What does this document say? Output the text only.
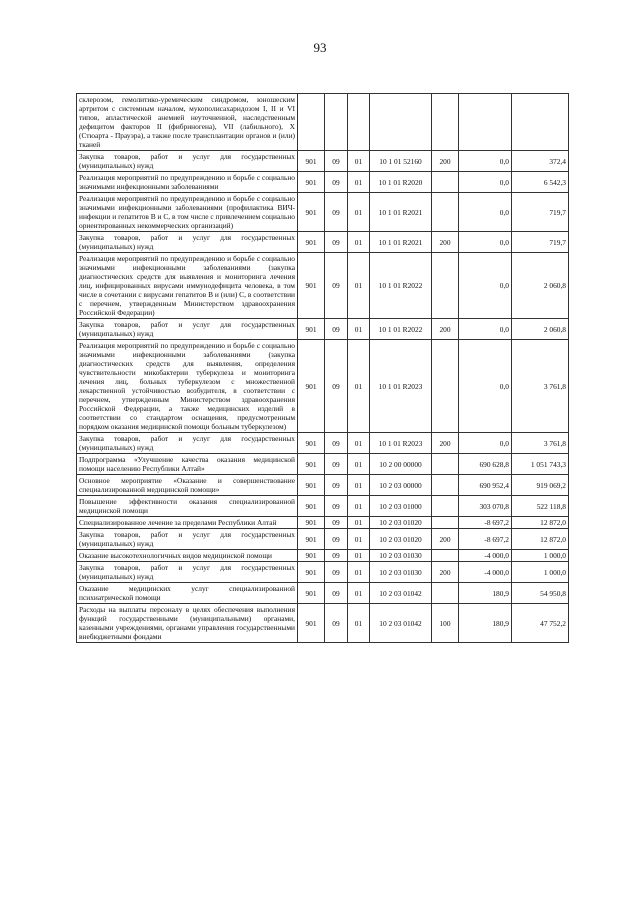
93
склерозом, гемолитико-уремическим синдромом, юношеским артритом с системным началом, мукополисахаридозом I, II и VI типов, апластической анемией неуточненной, наследственным дефицитом факторов II (фибриногена), VII (лабильного), X (Стюарта - Прауэра), а также после трансплантации органов и (или) тканей							
Закупка товаров, работ и услуг для государственных (муниципальных) нужд	901	09	01	10 1 01 52160	200	0,0	372,4
Реализация мероприятий по предупреждению и борьбе с социально значимыми инфекционными заболеваниями	901	09	01	10 1 01 R2020		0,0	6 542,3
Реализация мероприятий по предупреждению и борьбе с социально значимыми инфекционными заболеваниями (профилактика ВИЧ-инфекции и гепатитов В и С, в том числе с привлечением социально ориентированных некоммерческих организаций)	901	09	01	10 1 01 R2021		0,0	719,7
Закупка товаров, работ и услуг для государственных (муниципальных) нужд	901	09	01	10 1 01 R2021	200	0,0	719,7
Реализация мероприятий по предупреждению и борьбе с социально значимыми инфекционными заболеваниями (закупка диагностических средств для выявления и мониторинга лечения лиц, инфицированных вирусами иммунодефицита человека, в том числе в сочетании с вирусами гепатитов В и (или) С, в соответствии с перечнем, утвержденным Министерством здравоохранения Российской Федерации)	901	09	01	10 1 01 R2022		0,0	2 060,8
Закупка товаров, работ и услуг для государственных (муниципальных) нужд	901	09	01	10 1 01 R2022	200	0,0	2 060,8
Реализация мероприятий по предупреждению и борьбе с социально значимыми инфекционными заболеваниями (закупка диагностических средств для выявления, определения чувствительности микобактерии туберкулеза и мониторинга лечения лиц, больных туберкулезом с множественной лекарственной устойчивостью возбудителя, в соответствии с перечнем, утвержденным Министерством здравоохранения Российской Федерации, а также медицинских изделий в соответствии со стандартом оснащения, предусмотренным порядком оказания медицинской помощи больным туберкулезом)	901	09	01	10 1 01 R2023		0,0	3 761,8
Закупка товаров, работ и услуг для государственных (муниципальных) нужд	901	09	01	10 1 01 R2023	200	0,0	3 761,8
Подпрограмма «Улучшение качества оказания медицинской помощи населению Республики Алтай»	901	09	01	10 2 00 00000		690 628,8	1 051 743,3
Основное мероприятие «Оказание и совершенствование специализированной медицинской помощи»	901	09	01	10 2 03 00000		690 952,4	919 069,2
Повышение эффективности оказания специализированной медицинской помощи	901	09	01	10 2 03 01000		303 070,8	522 118,8
Специализированное лечение за пределами Республики Алтай	901	09	01	10 2 03 01020		-8 697,2	12 872,0
Закупка товаров, работ и услуг для государственных (муниципальных) нужд	901	09	01	10 2 03 01020	200	-8 697,2	12 872,0
Оказание высокотехнологичных видов медицинской помощи	901	09	01	10 2 03 01030		-4 000,0	1 000,0
Закупка товаров, работ и услуг для государственных (муниципальных) нужд	901	09	01	10 2 03 01030	200	-4 000,0	1 000,0
Оказание медицинских услуг специализированной психиатрической помощи	901	09	01	10 2 03 01042		180,9	54 950,8
Расходы на выплаты персоналу в целях обеспечения выполнения функций государственными (муниципальными) органами, казенными учреждениями, органами управления государственными внебюджетными фондами	901	09	01	10 2 03 01042	100	180,9	47 752,2
